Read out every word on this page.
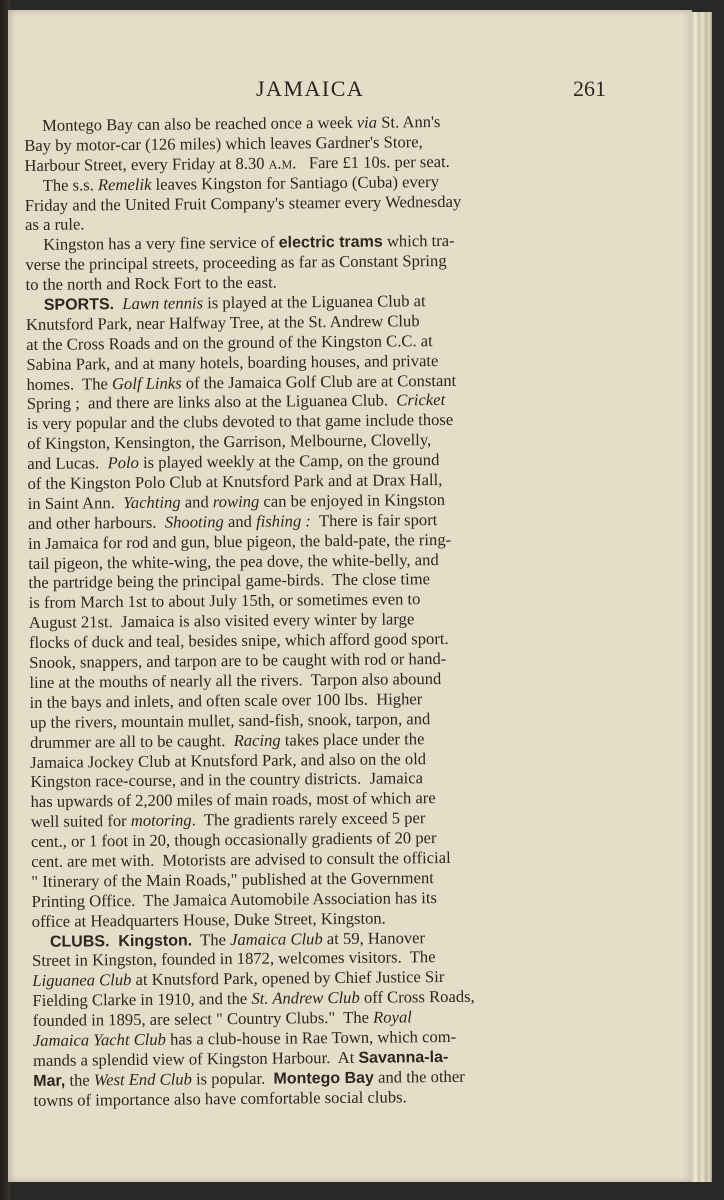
JAMAICA	261
Montego Bay can also be reached once a week via St. Ann's
Bay by motor-car (126 miles) which leaves Gardner's Store,
Harbour Street, every Friday at 8.30 a.m.   Fare £1 10s. per seat.
The s.s. Remelik leaves Kingston for Santiago (Cuba) every
Friday and the United Fruit Company's steamer every Wednesday
as a rule.
Kingston has a very fine service of electric trams which tra-
verse the principal streets, proceeding as far as Constant Spring
to the north and Rock Fort to the east.
SPORTS. Lawn tennis is played at the Liguanea Club at
Knutsford Park, near Halfway Tree, at the St. Andrew Club
at the Cross Roads and on the ground of the Kingston C.C. at
Sabina Park, and at many hotels, boarding houses, and private
homes.  The Golf Links of the Jamaica Golf Club are at Constant
Spring ;  and there are links also at the Liguanea Club.  Cricket
is very popular and the clubs devoted to that game include those
of Kingston, Kensington, the Garrison, Melbourne, Clovelly,
and Lucas.  Polo is played weekly at the Camp, on the ground
of the Kingston Polo Club at Knutsford Park and at Drax Hall,
in Saint Ann.  Yachting and rowing can be enjoyed in Kingston
and other harbours.  Shooting and fishing :  There is fair sport
in Jamaica for rod and gun, blue pigeon, the bald-pate, the ring-
tail pigeon, the white-wing, the pea dove, the white-belly, and
the partridge being the principal game-birds.  The close time
is from March 1st to about July 15th, or sometimes even to
August 21st.  Jamaica is also visited every winter by large
flocks of duck and teal, besides snipe, which afford good sport.
Snook, snappers, and tarpon are to be caught with rod or hand-
line at the mouths of nearly all the rivers.  Tarpon also abound
in the bays and inlets, and often scale over 100 lbs.  Higher
up the rivers, mountain mullet, sand-fish, snook, tarpon, and
drummer are all to be caught.  Racing takes place under the
Jamaica Jockey Club at Knutsford Park, and also on the old
Kingston race-course, and in the country districts.  Jamaica
has upwards of 2,200 miles of main roads, most of which are
well suited for motoring.  The gradients rarely exceed 5 per
cent., or 1 foot in 20, though occasionally gradients of 20 per
cent. are met with.  Motorists are advised to consult the official
" Itinerary of the Main Roads," published at the Government
Printing Office.  The Jamaica Automobile Association has its
office at Headquarters House, Duke Street, Kingston.
CLUBS.  Kingston.  The Jamaica Club at 59, Hanover
Street in Kingston, founded in 1872, welcomes visitors.  The
Liguanea Club at Knutsford Park, opened by Chief Justice Sir
Fielding Clarke in 1910, and the St. Andrew Club off Cross Roads,
founded in 1895, are select " Country Clubs."  The Royal
Jamaica Yacht Club has a club-house in Rae Town, which com-
mands a splendid view of Kingston Harbour.  At Savanna-la-
Mar, the West End Club is popular.  Montego Bay and the other
towns of importance also have comfortable social clubs.
